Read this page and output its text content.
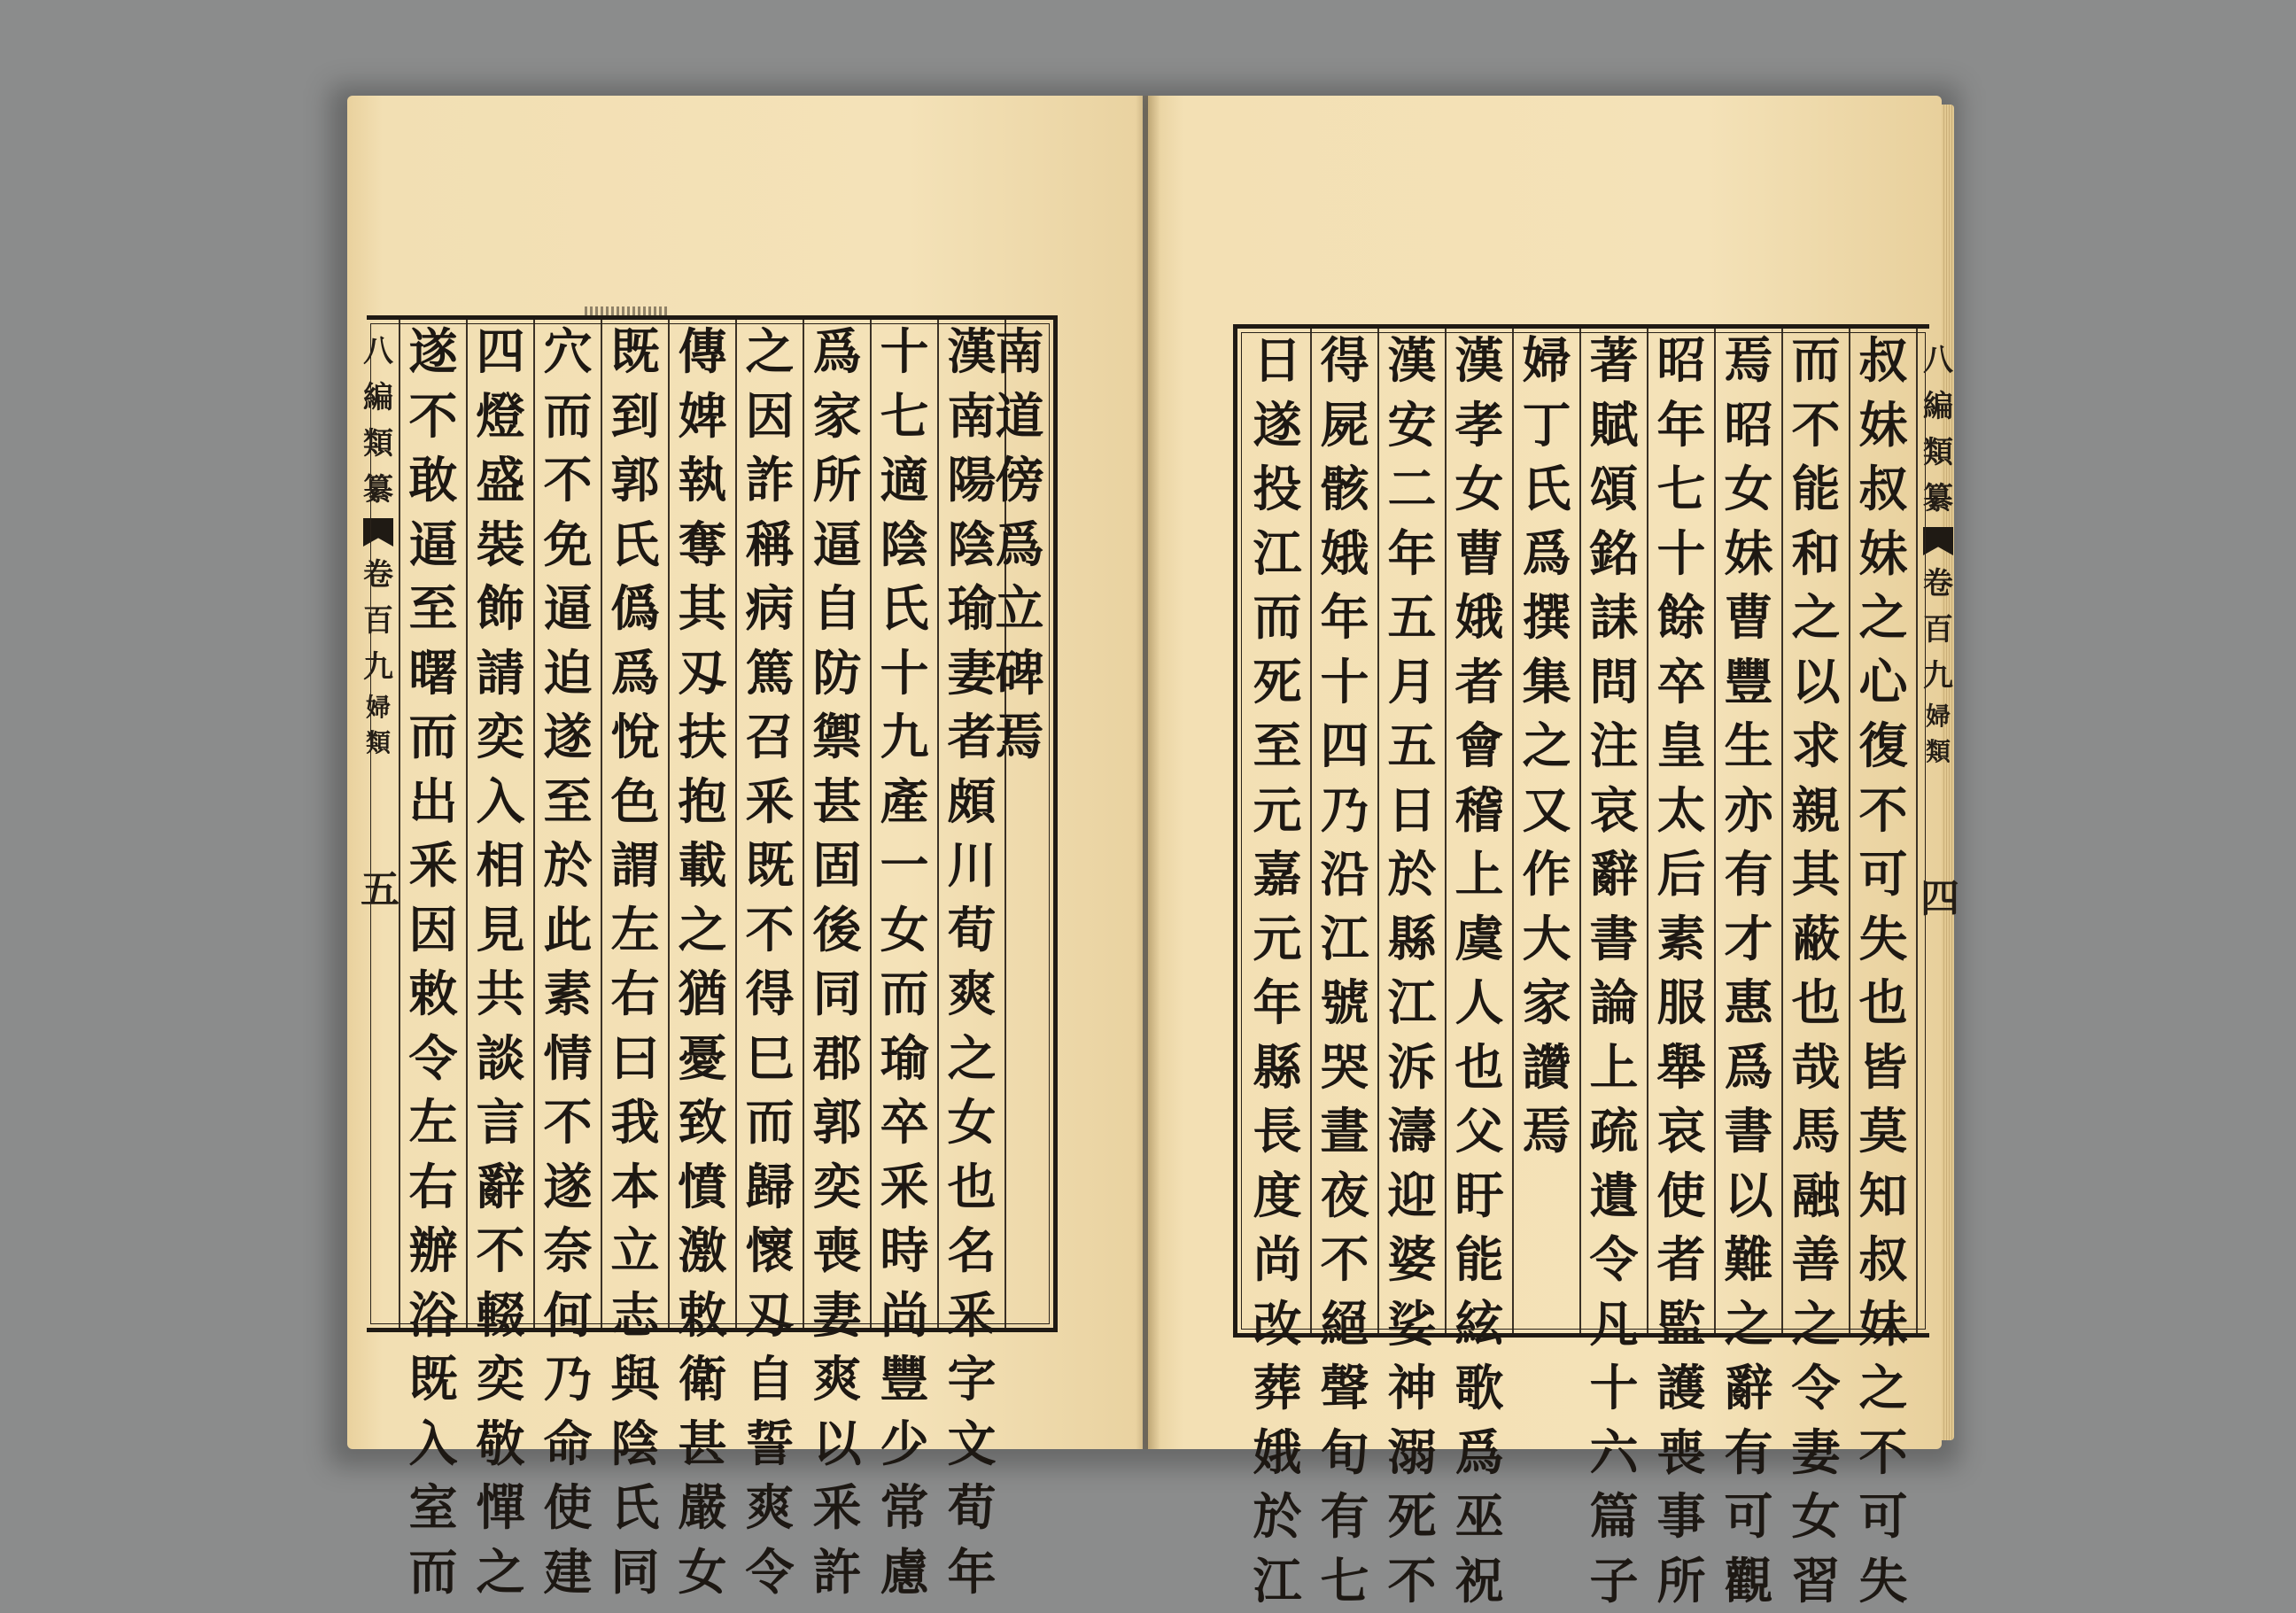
八編類纂
卷百九
婦類
五
遂不敢逼至曙而出釆因敕令左右辦浴既入室而
四燈盛裝飾請奕入相見共談言辭不輟奕敬憚之
穴而不免逼迫遂至於此素情不遂奈何乃命使建
既到郭氏僞爲悅色謂左右曰我本立志與陰氏同
傳婢執奪其刄扶抱載之猶憂致憤激敕衛甚嚴女
之因詐稱病篤召釆既不得巳而歸懷刄自誓爽令
爲家所逼自防禦甚固後同郡郭奕喪妻爽以釆許
十七適陰氏十九產一女而瑜卒釆時尚豐少常慮
漢南陽陰瑜妻者頗川荀爽之女也名釆字文荀年
南道傍爲立碑焉
日遂投江而死至元嘉元年縣長度尚改葬娥於江
得屍骸娥年十四乃沿江號哭晝夜不絕聲旬有七
漢安二年五月五日於縣江泝濤迎婆娑神溺死不
漢孝女曹娥者會稽上虞人也父盱能絃歌爲巫祝
婦丁氏爲撰集之又作大家讚焉
著賦頌銘誄問注哀辭書論上疏遺令凡十六篇子
昭年七十餘卒皇太后素服舉哀使者監護喪事所
焉昭女妹曹豐生亦有才惠爲書以難之辭有可觀
而不能和之以求親其蔽也哉馬融善之令妻女習
叔妹叔妹之心復不可失也皆莫知叔妹之不可失
八編類纂
卷百九
婦類
四
